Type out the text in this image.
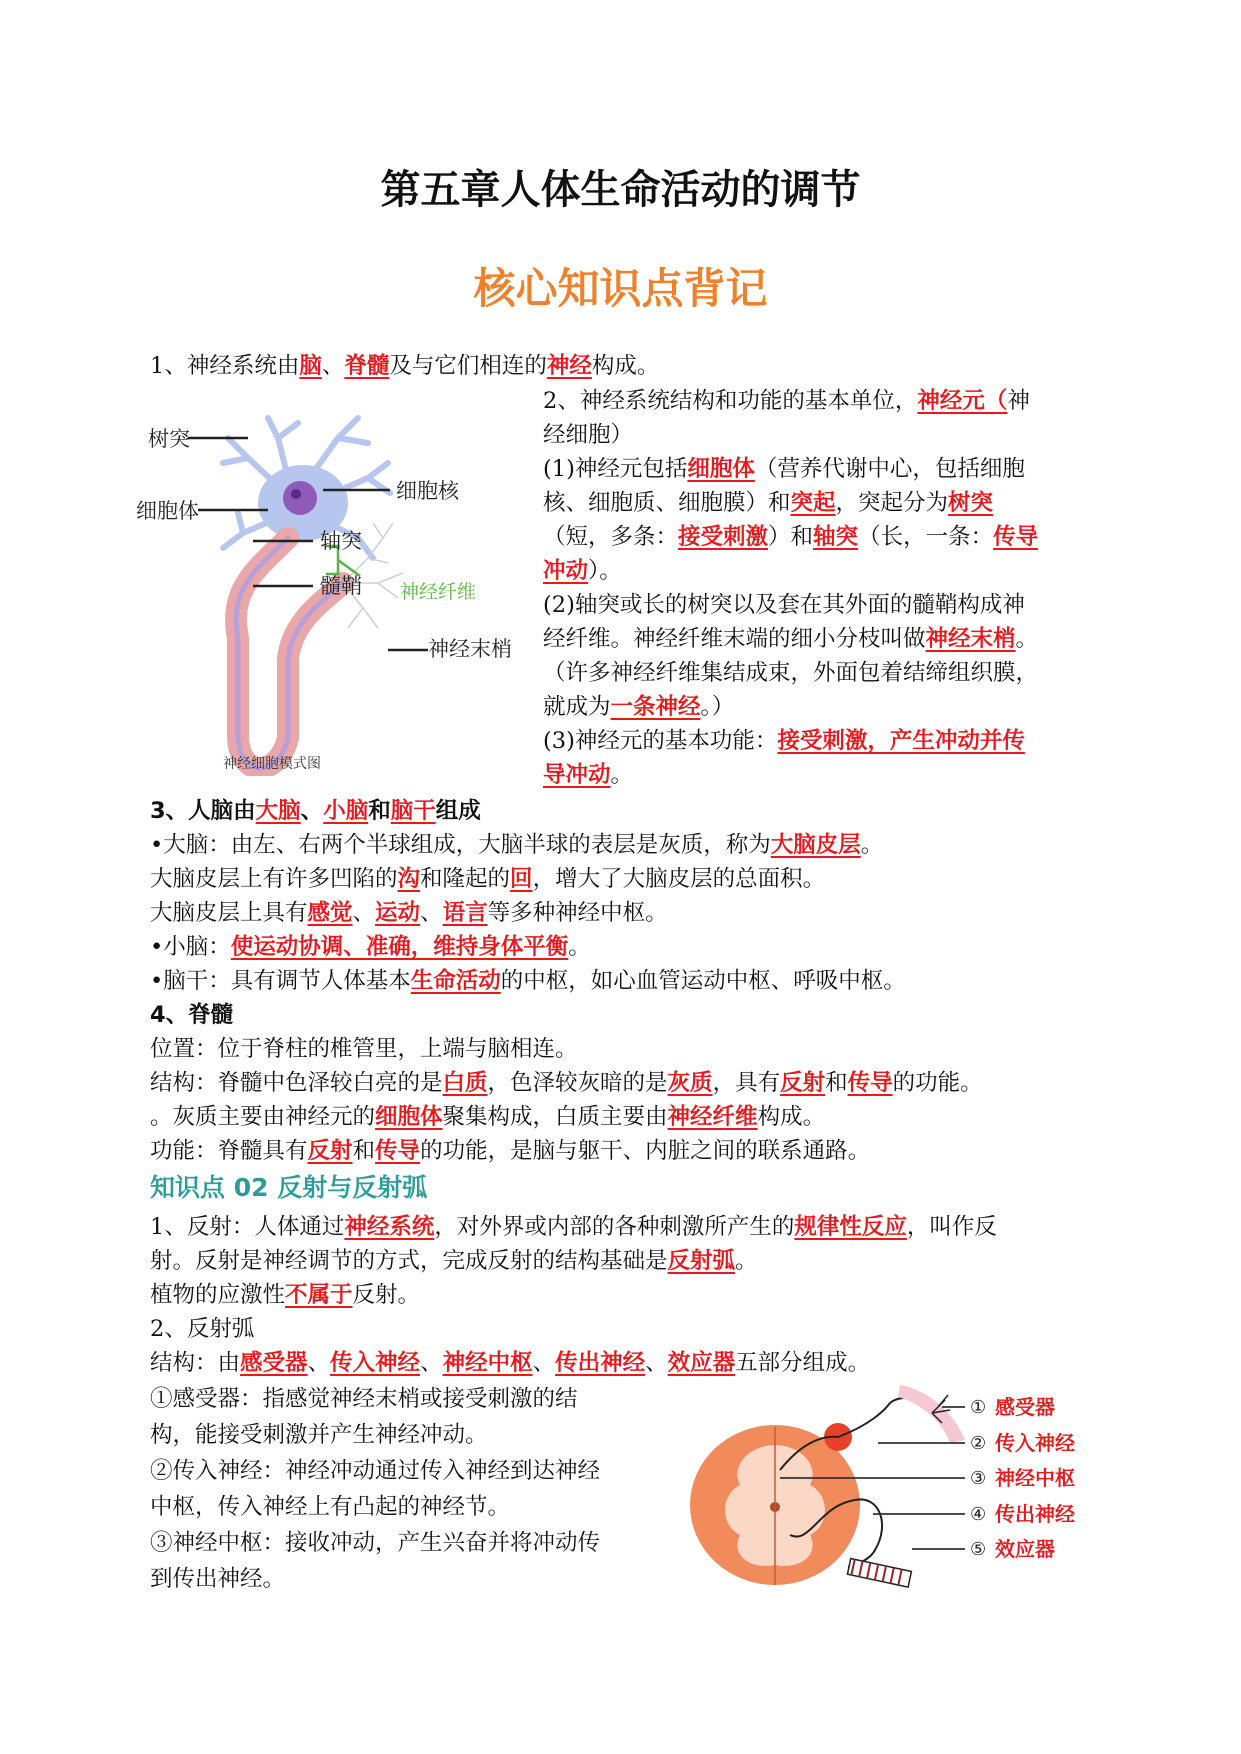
第五章人体生命活动的调节
核心知识点背记
1、神经系统由脑、脊髓及与它们相连的神经构成。
树突
细胞体
细胞核
轴突
髓鞘 神经纤维
神经末梢
神经细胞模式图
2、神经系统结构和功能的基本单位，神经元（神
经细胞）
(1)神经元包括细胞体（营养代谢中心，包括细胞
核、细胞质、细胞膜）和突起，突起分为树突
（短，多条：接受刺激）和轴突（长，一条：传导
冲动）。
(2)轴突或长的树突以及套在其外面的髓鞘构成神
经纤维。神经纤维末端的细小分枝叫做神经末梢。
（许多神经纤维集结成束，外面包着结缔组织膜，
就成为一条神经。）
(3)神经元的基本功能：接受刺激，产生冲动并传
导冲动。
3、人脑由大脑、小脑和脑干组成
•大脑：由左、右两个半球组成，大脑半球的表层是灰质，称为大脑皮层。
大脑皮层上有许多凹陷的沟和隆起的回，增大了大脑皮层的总面积。
大脑皮层上具有感觉、运动、语言等多种神经中枢。
•小脑：使运动协调、准确，维持身体平衡。
•脑干：具有调节人体基本生命活动的中枢，如心血管运动中枢、呼吸中枢。
4、脊髓
位置：位于脊柱的椎管里，上端与脑相连。
结构：脊髓中色泽较白亮的是白质，色泽较灰暗的是灰质，具有反射和传导的功能。
。灰质主要由神经元的细胞体聚集构成，白质主要由神经纤维构成。
功能：脊髓具有反射和传导的功能，是脑与躯干、内脏之间的联系通路。
知识点 02 反射与反射弧
1、反射：人体通过神经系统，对外界或内部的各种刺激所产生的规律性反应，叫作反
射。反射是神经调节的方式，完成反射的结构基础是反射弧。
植物的应激性不属于反射。
2、反射弧
结构：由感受器、传入神经、神经中枢、传出神经、效应器五部分组成。
①感受器：指感觉神经末梢或接受刺激的结
构，能接受刺激并产生神经冲动。
②传入神经：神经冲动通过传入神经到达神经
中枢，传入神经上有凸起的神经节。
③神经中枢：接收冲动，产生兴奋并将冲动传
到传出神经。
① 感受器
② 传入神经
③ 神经中枢
④ 传出神经
⑤ 效应器
